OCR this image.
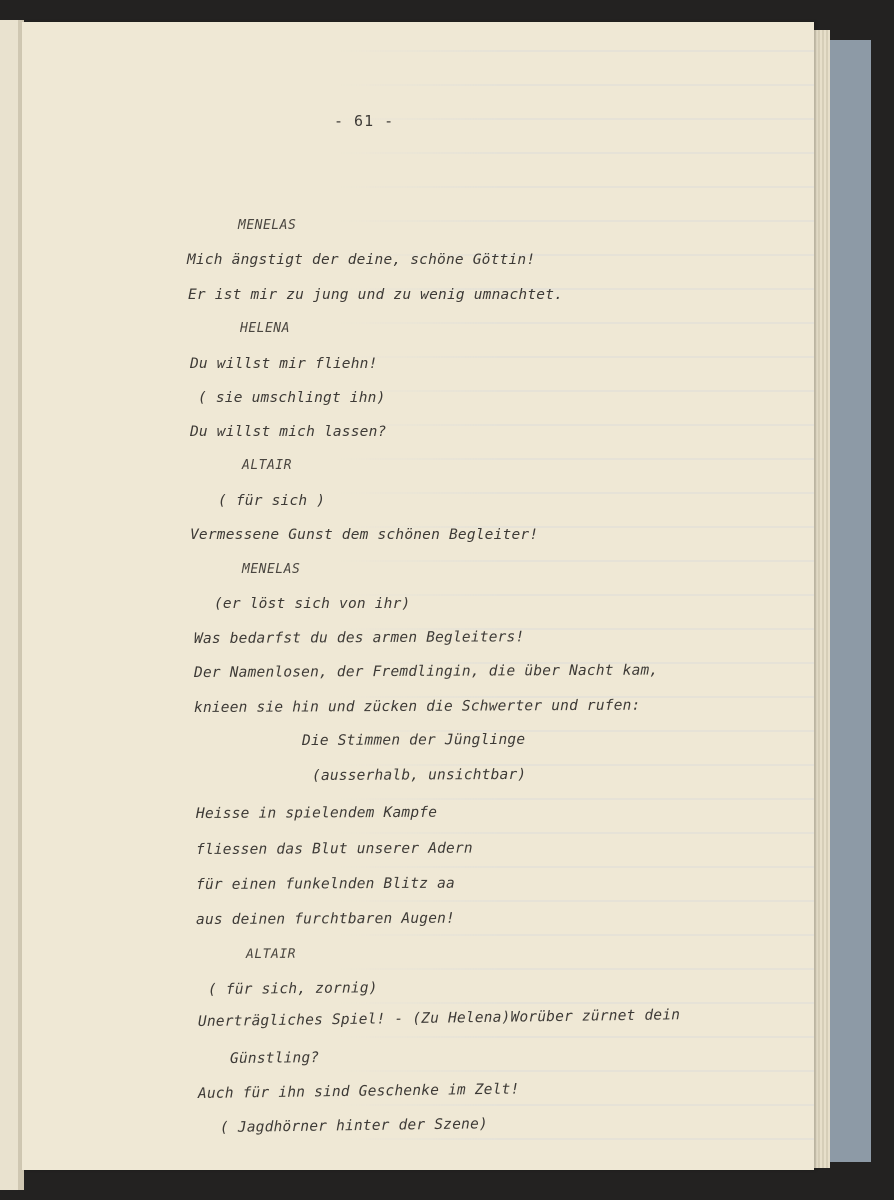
- 61 -
MENELAS
Mich ängstigt der deine, schöne Göttin!
Er ist mir zu jung und zu wenig umnachtet.
HELENA
Du willst mir fliehn!
( sie umschlingt ihn)
Du willst mich lassen?
ALTAIR
( für sich )
Vermessene Gunst dem schönen Begleiter!
MENELAS
(er löst sich von ihr)
Was bedarfst du des armen Begleiters!
Der Namenlosen, der Fremdlingin, die über Nacht kam,
knieen sie hin und zücken die Schwerter und rufen:
Die Stimmen der Jünglinge
(ausserhalb, unsichtbar)
Heisse in spielendem Kampfe
fliessen das Blut unserer Adern
für einen funkelnden Blitz aa
aus deinen furchtbaren Augen!
ALTAIR
( für sich, zornig)
Unerträgliches Spiel! - (Zu Helena)Worüber zürnet dein
Günstling?
Auch für ihn sind Geschenke im Zelt!
( Jagdhörner hinter der Szene)
